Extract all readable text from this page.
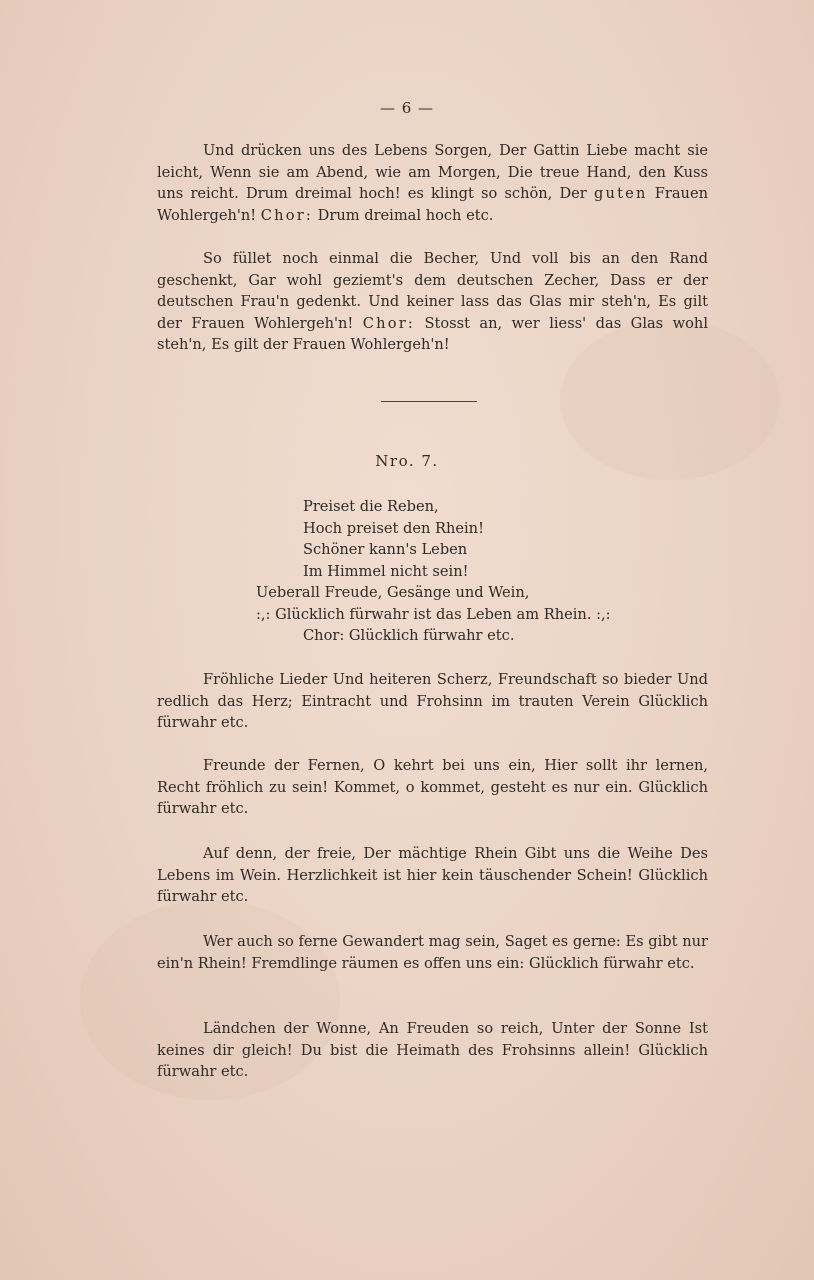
— 6 —

Und drücken uns des Lebens Sorgen, Der Gattin Liebe macht sie leicht, Wenn sie am Abend, wie am Morgen, Die treue Hand, den Kuss uns reicht. Drum dreimal hoch! es klingt so schön, Der guten Frauen Wohlergeh'n! Chor: Drum dreimal hoch etc.

So füllet noch einmal die Becher, Und voll bis an den Rand geschenkt, Gar wohl geziemt's dem deutschen Zecher, Dass er der deutschen Frau'n gedenkt. Und keiner lass das Glas mir steh'n, Es gilt der Frauen Wohlergeh'n! Chor: Stosst an, wer liess' das Glas wohl steh'n, Es gilt der Frauen Wohlergeh'n!

Nro. 7.
Preiset die Reben,
Hoch preiset den Rhein!
Schöner kann's Leben
Im Himmel nicht sein!
Ueberall Freude, Gesänge und Wein,
:,: Glücklich fürwahr ist das Leben am Rhein. :,:
Chor: Glücklich fürwahr etc.

Fröhliche Lieder Und heiteren Scherz, Freundschaft so bieder Und redlich das Herz; Eintracht und Frohsinn im trauten Verein Glücklich fürwahr etc.

Freunde der Fernen, O kehrt bei uns ein, Hier sollt ihr lernen, Recht fröhlich zu sein! Kommet, o kommet, gesteht es nur ein. Glücklich fürwahr etc.

Auf denn, der freie, Der mächtige Rhein Gibt uns die Weihe Des Lebens im Wein. Herzlichkeit ist hier kein täuschender Schein! Glücklich fürwahr etc.

Wer auch so ferne Gewandert mag sein, Saget es gerne: Es gibt nur ein'n Rhein! Fremdlinge räumen es offen uns ein: Glücklich fürwahr etc.

Ländchen der Wonne, An Freuden so reich, Unter der Sonne Ist keines dir gleich! Du bist die Heimath des Frohsinns allein! Glücklich fürwahr etc.
